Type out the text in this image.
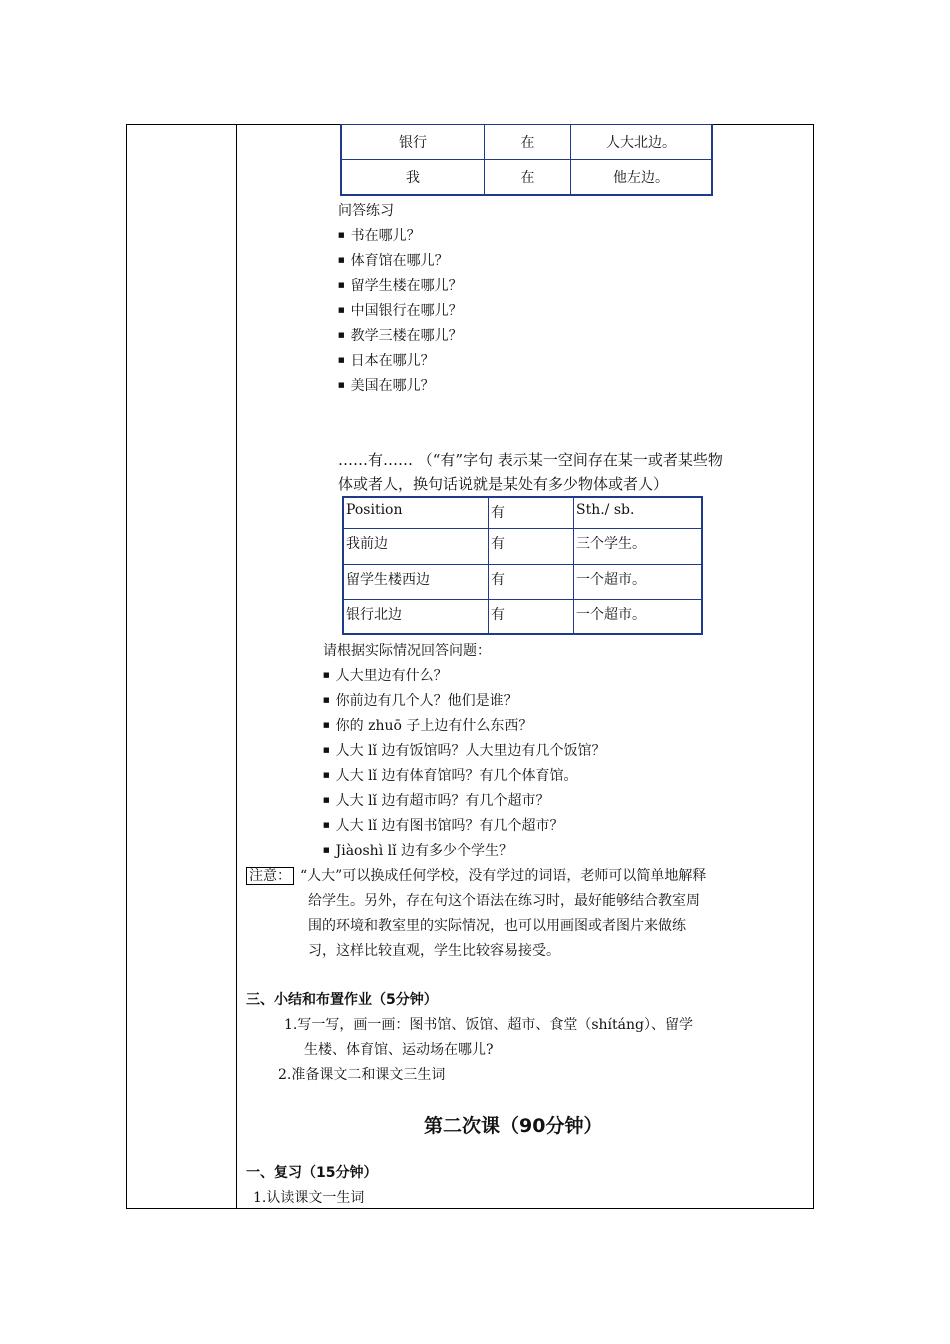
银行	在	人大北边。
我	在	他左边。
问答练习
■ 书在哪儿？
■ 体育馆在哪儿？
■ 留学生楼在哪儿？
■ 中国银行在哪儿？
■ 教学三楼在哪儿？
■ 日本在哪儿？
■ 美国在哪儿？
……有…… （“有”字句 表示某一空间存在某一或者某些物
体或者人，换句话说就是某处有多少物体或者人）
Position	有	Sth./ sb.
我前边	有	三个学生。
留学生楼西边	有	一个超市。
银行北边	有	一个超市。
请根据实际情况回答问题：
■ 人大里边有什么？
■ 你前边有几个人？他们是谁？
■ 你的 zhuō 子上边有什么东西？
■ 人大 lǐ 边有饭馆吗？人大里边有几个饭馆？
■ 人大 lǐ 边有体育馆吗？有几个体育馆。
■ 人大 lǐ 边有超市吗？有几个超市？
■ 人大 lǐ 边有图书馆吗？有几个超市？
■ Jiàoshì lǐ 边有多少个学生？
注意： “人大”可以换成任何学校，没有学过的词语，老师可以简单地解释
给学生。另外，存在句这个语法在练习时，最好能够结合教室周
围的环境和教室里的实际情况，也可以用画图或者图片来做练
习，这样比较直观，学生比较容易接受。
三、小结和布置作业（5分钟）
1.写一写，画一画：图书馆、饭馆、超市、食堂（shítáng）、留学
生楼、体育馆、运动场在哪儿?
2.准备课文二和课文三生词
第二次课（90分钟）
一、复习（15分钟）
1.认读课文一生词
